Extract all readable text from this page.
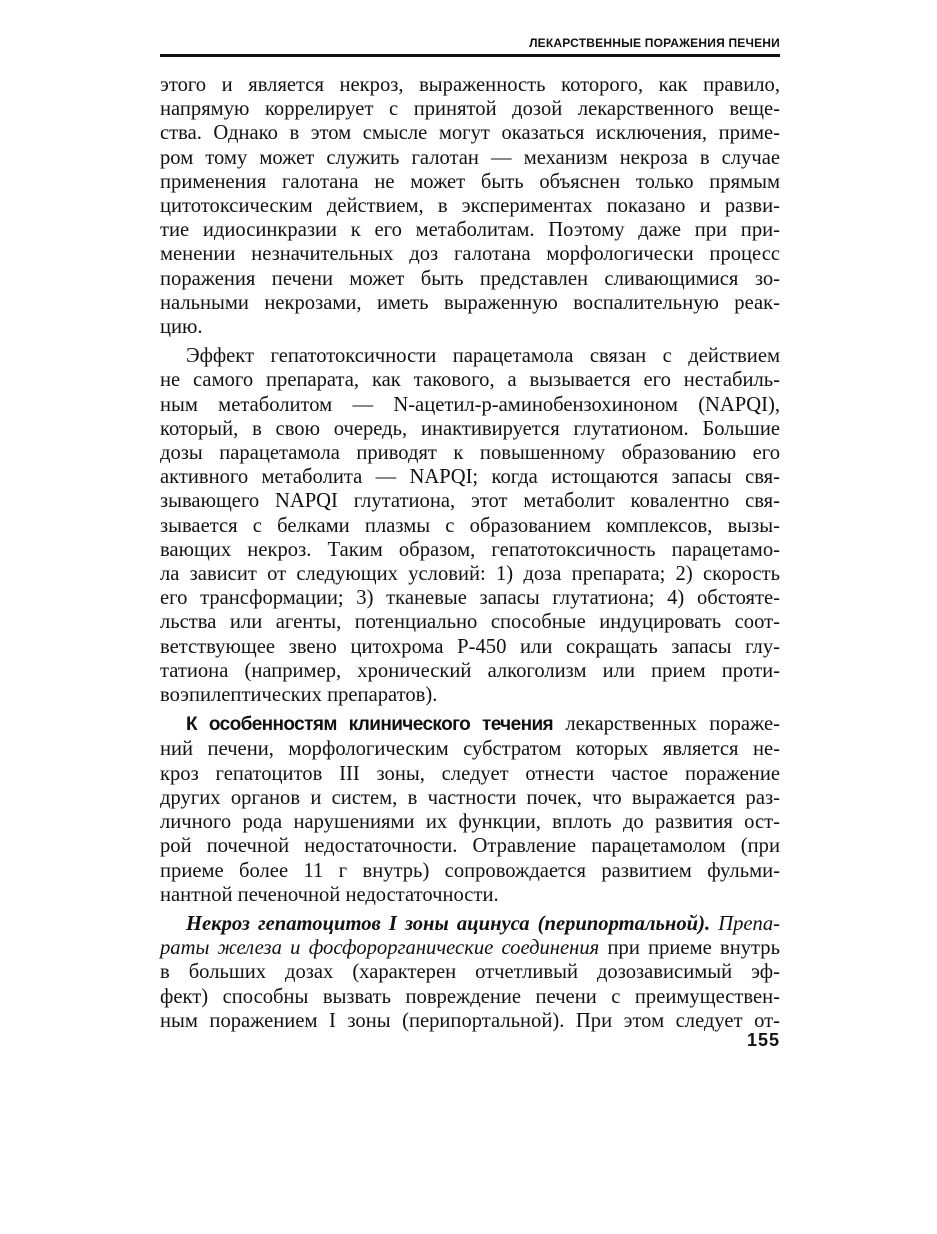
ЛЕКАРСТВЕННЫЕ ПОРАЖЕНИЯ ПЕЧЕНИ

этого и является некроз, выраженность которого, как правило,
напрямую коррелирует с принятой дозой лекарственного веще-
ства. Однако в этом смысле могут оказаться исключения, приме-
ром тому может служить галотан — механизм некроза в случае
применения галотана не может быть объяснен только прямым
цитотоксическим действием, в экспериментах показано и разви-
тие идиосинкразии к его метаболитам. Поэтому даже при при-
менении незначительных доз галотана морфологически процесс
поражения печени может быть представлен сливающимися зо-
нальными некрозами, иметь выраженную воспалительную реак-
цию.

Эффект гепатотоксичности парацетамола связан с действием
не самого препарата, как такового, а вызывается его нестабиль-
ным метаболитом — N-ацетил-р-аминобензохиноном (NAPQI),
который, в свою очередь, инактивируется глутатионом. Большие
дозы парацетамола приводят к повышенному образованию его
активного метаболита — NAPQI; когда истощаются запасы свя-
зывающего NAPQI глутатиона, этот метаболит ковалентно свя-
зывается с белками плазмы с образованием комплексов, вызы-
вающих некроз. Таким образом, гепатотоксичность парацетамо-
ла зависит от следующих условий: 1) доза препарата; 2) скорость
его трансформации; 3) тканевые запасы глутатиона; 4) обстояте-
льства или агенты, потенциально способные индуцировать соот-
ветствующее звено цитохрома Р-450 или сокращать запасы глу-
татиона (например, хронический алкоголизм или прием проти-
воэпилептических препаратов).

К особенностям клинического течения лекарственных пораже-
ний печени, морфологическим субстратом которых является не-
кроз гепатоцитов III зоны, следует отнести частое поражение
других органов и систем, в частности почек, что выражается раз-
личного рода нарушениями их функции, вплоть до развития ост-
рой почечной недостаточности. Отравление парацетамолом (при
приеме более 11 г внутрь) сопровождается развитием фульми-
нантной печеночной недостаточности.

Некроз гепатоцитов I зоны ацинуса (перипортальной). Препа-
раты железа и фосфорорганические соединения при приеме внутрь
в больших дозах (характерен отчетливый дозозависимый эф-
фект) способны вызвать повреждение печени с преимуществен-
ным поражением I зоны (перипортальной). При этом следует от-

155
